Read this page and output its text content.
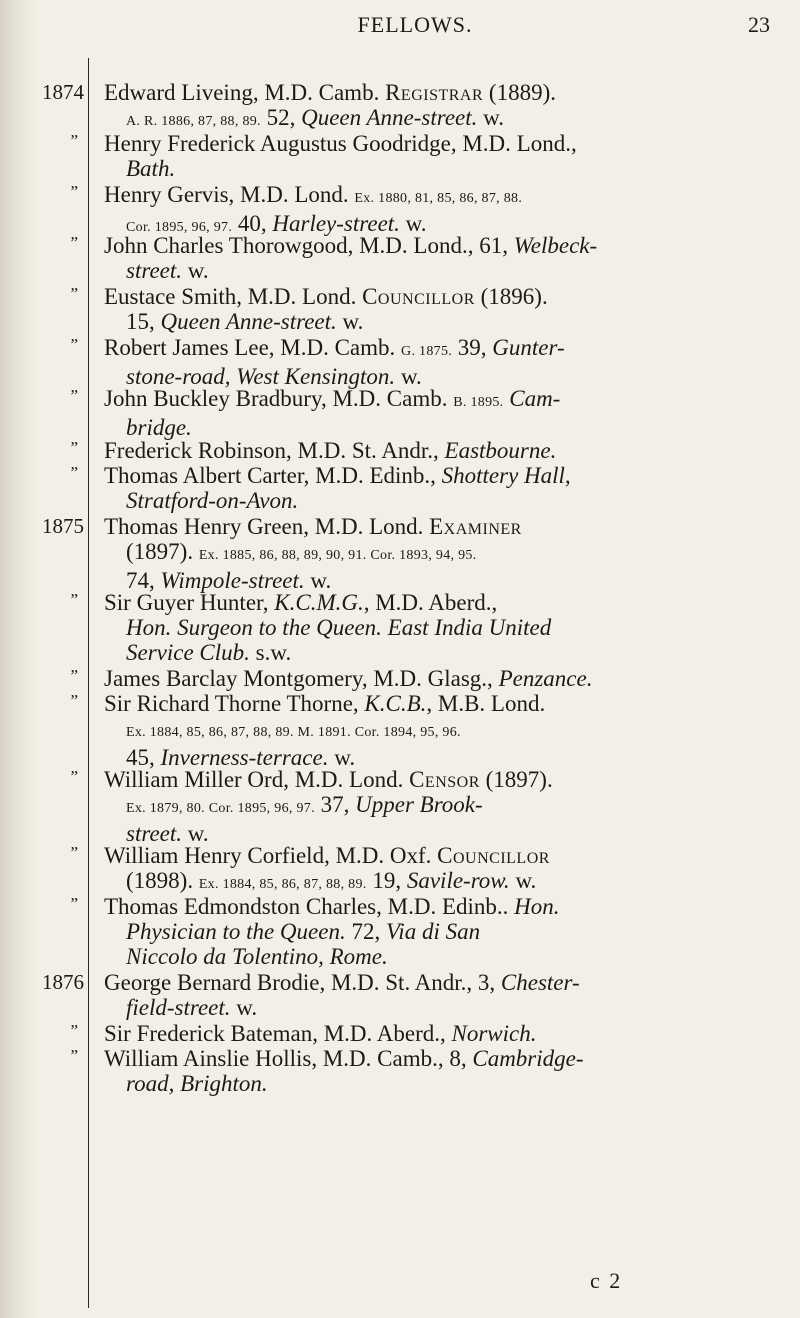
FELLOWS.	23
1874
”
”
”
”
”
”
”
”
1875
”
”
”
”
”
”
1876
”
”
Edward Liveing, M.D. Camb. Registrar (1889).
A. R. 1886, 87, 88, 89. 52, Queen Anne-street. w.
Henry Frederick Augustus Goodridge, M.D. Lond.,
Bath.
Henry Gervis, M.D. Lond. Ex. 1880, 81, 85, 86, 87, 88.
Cor. 1895, 96, 97. 40, Harley-street. w.
John Charles Thorowgood, M.D. Lond., 61, Welbeck-
street. w.
Eustace Smith, M.D. Lond. Councillor (1896).
15, Queen Anne-street. w.
Robert James Lee, M.D. Camb. G. 1875. 39, Gunter-
stone-road, West Kensington. w.
John Buckley Bradbury, M.D. Camb. B. 1895. Cam-
bridge.
Frederick Robinson, M.D. St. Andr., Eastbourne.
Thomas Albert Carter, M.D. Edinb., Shottery Hall,
Stratford-on-Avon.
Thomas Henry Green, M.D. Lond. Examiner
(1897). Ex. 1885, 86, 88, 89, 90, 91. Cor. 1893, 94, 95.
74, Wimpole-street. w.
Sir Guyer Hunter, K.C.M.G., M.D. Aberd.,
Hon. Surgeon to the Queen. East India United
Service Club. s.w.
James Barclay Montgomery, M.D. Glasg., Penzance.
Sir Richard Thorne Thorne, K.C.B., M.B. Lond.
Ex. 1884, 85, 86, 87, 88, 89. M. 1891. Cor. 1894, 95, 96.
45, Inverness-terrace. w.
William Miller Ord, M.D. Lond. Censor (1897).
Ex. 1879, 80. Cor. 1895, 96, 97. 37, Upper Brook-
street. w.
William Henry Corfield, M.D. Oxf. Councillor
(1898). Ex. 1884, 85, 86, 87, 88, 89. 19, Savile-row. w.
Thomas Edmondston Charles, M.D. Edinb.. Hon.
Physician to the Queen. 72, Via di San
Niccolo da Tolentino, Rome.
George Bernard Brodie, M.D. St. Andr., 3, Chester-
field-street. w.
Sir Frederick Bateman, M.D. Aberd., Norwich.
William Ainslie Hollis, M.D. Camb., 8, Cambridge-
road, Brighton.
c 2
